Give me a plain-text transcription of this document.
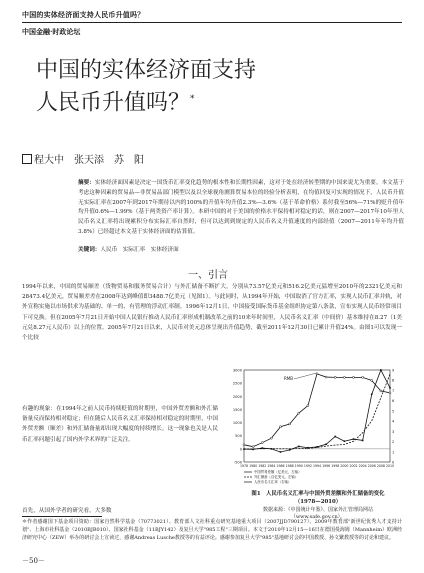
中国的实体经济面支持人民币升值吗？
中国金融·时政论坛
中国的实体经济面支持
人民币升值吗？*
程大中　张天添　苏　阳
摘要：实体经济面因素是决定一国货币汇率变化趋势的根本性和长期性因素，这对于处在经济转型期的中国来说尤为重要。本文基于考虑这种因素的贸易品—非贸易品部门模型以及以全球视角测算贸易本位的经验分析表明，在均值回复可实现的情况下，人民币升值无实际汇率在2007年到2017年期待以内的100%的升值年均升值2.3%—3.6%（基于革命价格）系付我至56%—71%的贬升值年均升值0.6%—1.99%（基于两类资产率计算）。本研中国的对于美国的价格水平保持相对稳定的话，则在2007—2017年10年里人民币名义汇率将出现累积分布实际汇率自然时，但可以达到到规定的人民币名义升值速度的内部经值（2007—2011年年均升值3.8%）已经超过本文基于实体经济面的估算值。
关键词：人民币　实际汇率　实体经济面
一、引言
1994年以来，中国的贸易顺差（货物贸易和服务贸易合计）与外汇储备不断扩大，分别从73.57亿美元和516.2亿美元猛增至2010年的2321亿美元和28473.4亿美元，贸易顺差差在2008年达到峰值即3488.7亿美元（见图1）。与此同时，从1994年开始，中国取消了官方汇率，实现人民币汇率并轨，对外宣称实施以市场供求为基础的、单一的、有管理的浮动汇率制。1996年12月1日，中国接受国际货币基金组织协定第八条款，宣布实现人民币经常项目下可兑换。但在2005年7月21日开始中国人民银行推动人民币汇率形成机制改革之前的10来年时间里，人民币名义汇率（中间价）基本维持在8.27（1美元兑8.27元人民币）以上的位置。2005年7月21日以来，人民币对美元总体呈现出升值趋势，截至2011年12月30日已累计升值24%。由图1可以发现一个比较
有趣的现象：在1994年之前人民币持续贬值的时期里，中国外贸差额和外汇储备量反而保持相对稳定；但在随后人民币名义汇率保持相对稳定的时期里，中国外贸差额（顺差）和外汇储备量却出现大幅度的持续增长。这一现象也关是人民币汇率问题引起了国内外学术界的广泛关注。
-500
0
500
1000
1500
2000
2500
3000
0
1
2
3
4
5
6
7
8
9
1978 1980 1982 1984 1986 1988 1990 1992 1994 1996 1998 2000 2002 2004 2006 2008 2010
RMB
中国贸易差额（亿美元，左轴）
外汇储备（百亿美元，左轴）
人民币名义汇率（右轴）
图1　人民币名义汇率与中国外贸差额和外汇储备的变化
（1978—2010）
数据来源：《中国统计年鉴》、国家外汇管理局网站（www.safe.gov.cn）。
首先，从国外学者的研究看，大多数
＊作者感谢国下基金项目资助：国家自然科学基金（70773021）、教育部人文社科重点研究基地重大项目（2007JJD790127）、2009年教育部"新世纪优秀人才支持计划"、上海市社科基金（2010BJB010）、国家社科基金（11BJY142）及复旦大学"985工程"三期项目。本文于2010年12月15—16日在德国曼海姆（Mannheim）欧洲经济研究中心（ZEW）举办的研讨会上宣读过，感谢Andreas Lusche教授等的有益评论。感谢参加复旦大学"985"基地研讨会的中国教授、孙文繁教授等的讨论和建议。
－50－
